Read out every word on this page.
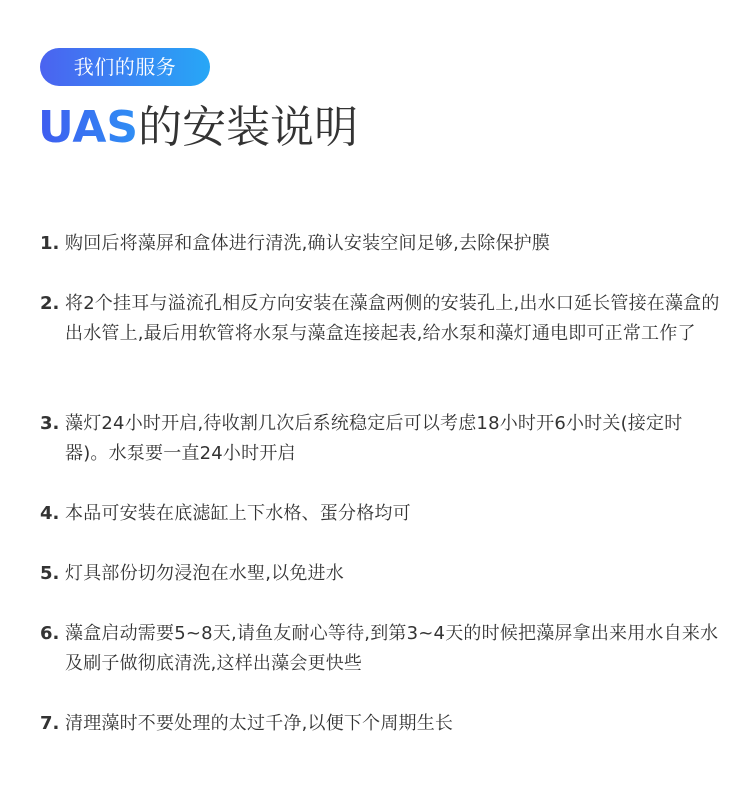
我们的服务
UAS的安装说明
1. 购回后将藻屏和盒体进行清洗,确认安装空间足够,去除保护膜
2. 将2个挂耳与溢流孔相反方向安装在藻盒两侧的安装孔上,出水口延长管接在藻盒的出水管上,最后用软管将水泵与藻盒连接起表,给水泵和藻灯通电即可正常工作了
3. 藻灯24小时开启,待收割几次后系统稳定后可以考虑18小时开6小时关(接定时器)。水泵要一直24小时开启
4. 本品可安装在底滤缸上下水格、蛋分格均可
5. 灯具部份切勿浸泡在水聖,以免进水
6. 藻盒启动需要5~8天,请鱼友耐心等待,到第3~4天的时候把藻屏拿出来用水自来水及刷子做彻底清洗,这样出藻会更快些
7. 清理藻时不要处理的太过千净,以便下个周期生长
